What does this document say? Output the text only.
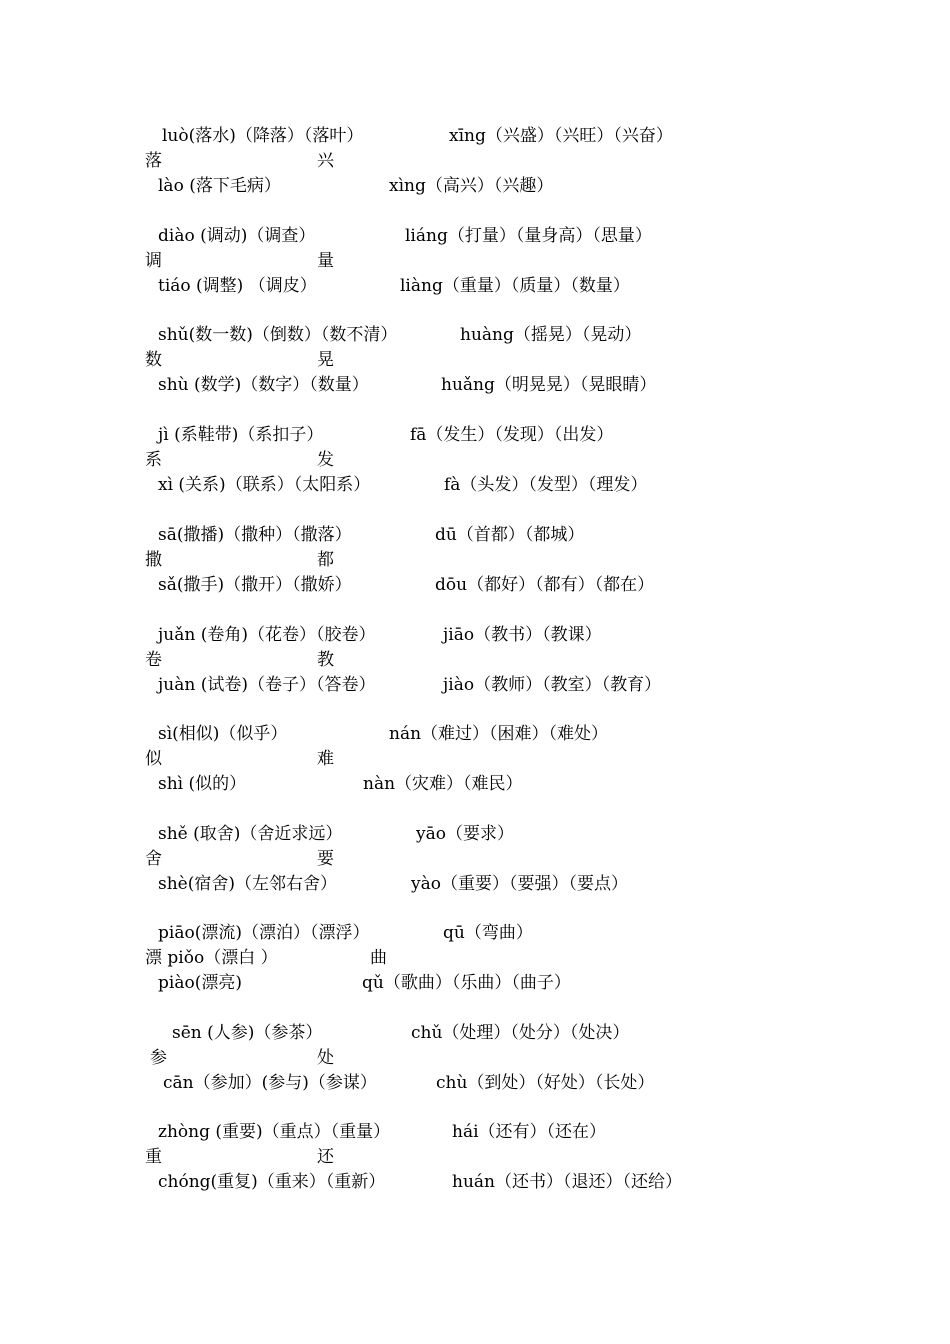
luò(落水)（降落）（落叶）	xīng（兴盛）（兴旺）（兴奋）
落	兴
lào (落下毛病）	xìng（高兴）（兴趣）
diào (调动)（调查）	liáng（打量）（量身高）（思量）
调	量
tiáo (调整) （调皮）	liàng（重量）（质量）（数量）
shǔ(数一数)（倒数）（数不清）	huàng（摇晃）（晃动）
数	晃
shù (数学)（数字）（数量）	huǎng（明晃晃）（晃眼睛）
jì (系鞋带)（系扣子）	fā（发生）（发现）（出发）
系	发
xì (关系)（联系）（太阳系）	fà（头发）（发型）（理发）
sā(撒播)（撒种）（撒落）	dū（首都）（都城）
撒	都
sǎ(撒手)（撒开）（撒娇）	dōu（都好）（都有）（都在）
juǎn (卷角)（花卷）（胶卷）	jiāo（教书）（教课）
卷	教
juàn (试卷)（卷子）（答卷）	jiào（教师）（教室）（教育）
sì(相似)（似乎）	nán（难过）（困难）（难处）
似	难
shì (似的）	nàn（灾难）（难民）
shě (取舍)（舍近求远）	yāo（要求）
舍	要
shè(宿舍)（左邻右舍）	yào（重要）（要强）（要点）
piāo(漂流)（漂泊）（漂浮）	qū（弯曲）
漂 piǒo（漂白 ）	曲
piào(漂亮)	qǔ（歌曲）（乐曲）（曲子）
sēn (人参)（参茶）	chǔ（处理）（处分）（处决）
参	处
cān（参加）(参与)（参谋）	chù（到处）（好处）（长处）
zhòng (重要)（重点）（重量）	hái（还有）（还在）
重	还
chóng(重复)（重来）（重新）	huán（还书）（退还）（还给）
